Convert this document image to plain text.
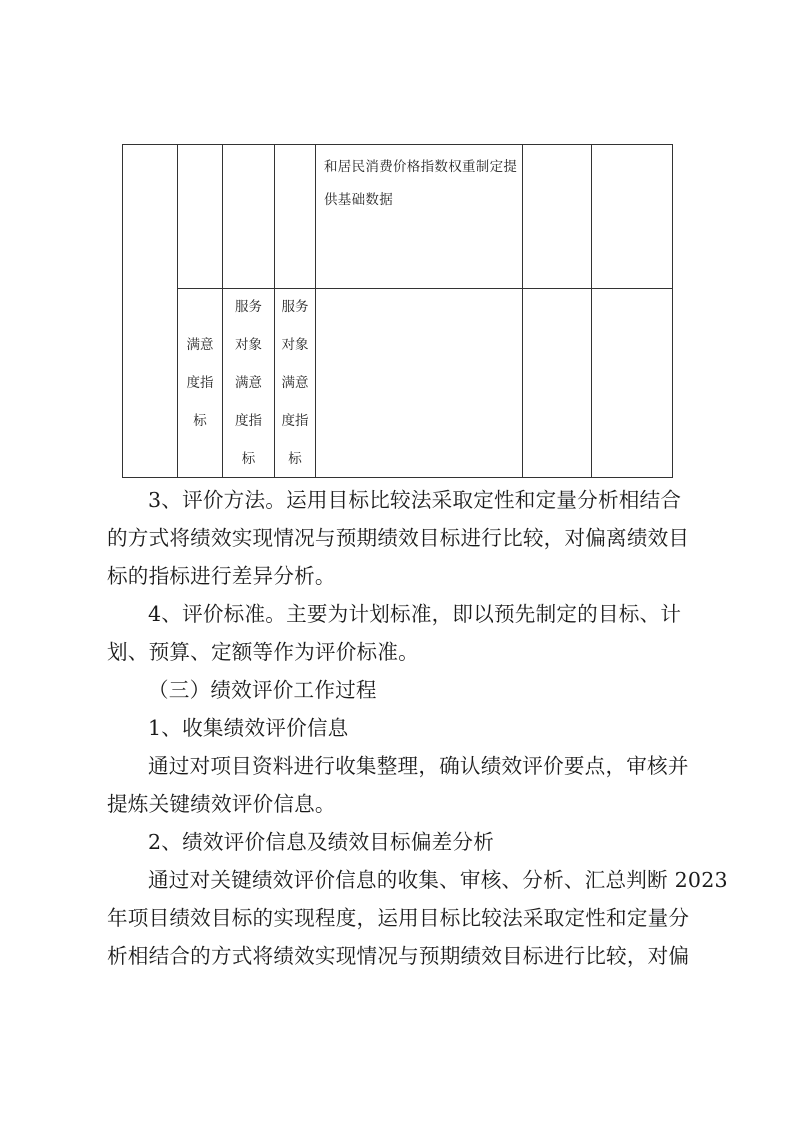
和居民消费价格指数权重制定提
供基础数据
满意
度指
标
服务
对象
满意
度指
标
服务
对象
满意
度指
标
3、评价方法。运用目标比较法采取定性和定量分析相结合
的方式将绩效实现情况与预期绩效目标进行比较，对偏离绩效目
标的指标进行差异分析。
4、评价标准。主要为计划标准，即以预先制定的目标、计
划、预算、定额等作为评价标准。
（三）绩效评价工作过程
1、收集绩效评价信息
通过对项目资料进行收集整理，确认绩效评价要点，审核并
提炼关键绩效评价信息。
2、绩效评价信息及绩效目标偏差分析
通过对关键绩效评价信息的收集、审核、分析、汇总判断 2023
年项目绩效目标的实现程度，运用目标比较法采取定性和定量分
析相结合的方式将绩效实现情况与预期绩效目标进行比较，对偏
